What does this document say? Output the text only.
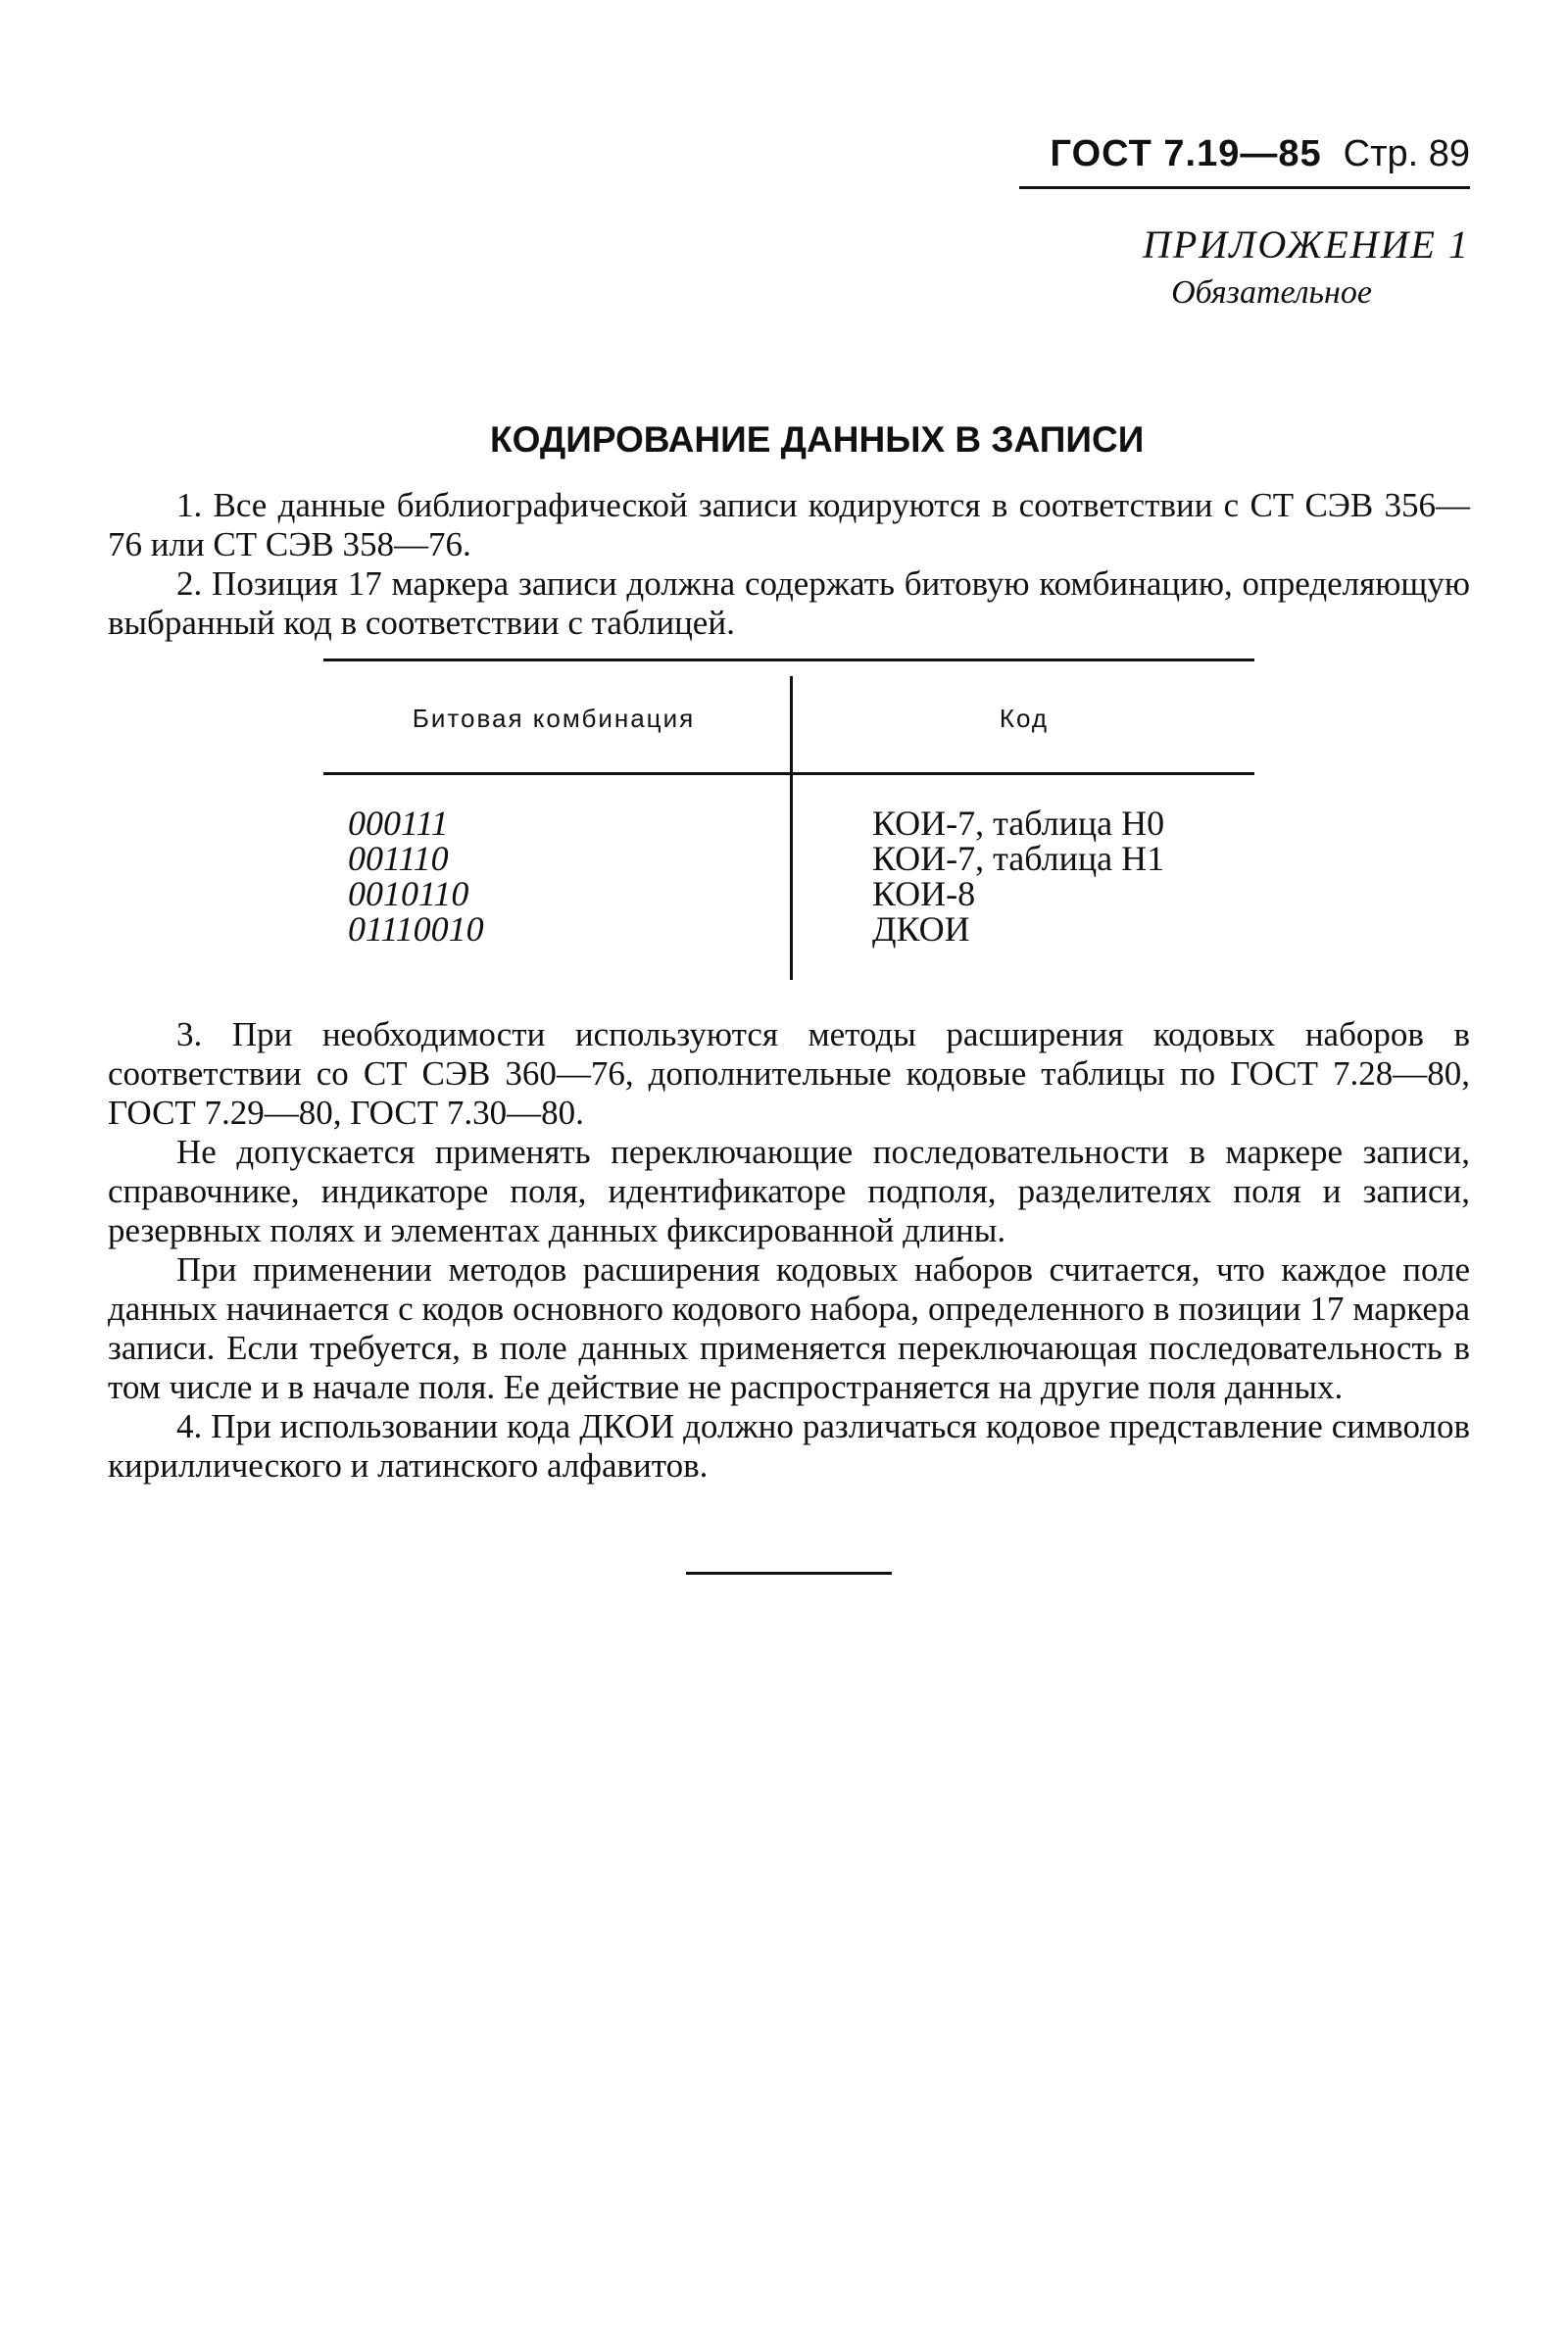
ГОСТ 7.19—85 Стр. 89
ПРИЛОЖЕНИЕ 1
Обязательное
КОДИРОВАНИЕ ДАННЫХ В ЗАПИСИ
1. Все данные библиографической записи кодируются в соответствии с СТ СЭВ 356—76 или СТ СЭВ 358—76.
2. Позиция 17 маркера записи должна содержать битовую комбинацию, определяющую выбранный код в соответствии с таблицей.
Битовая комбинация	Код
000111
001110
0010110
01110010
КОИ-7, таблица Н0
КОИ-7, таблица Н1
КОИ-8
ДКОИ
3. При необходимости используются методы расширения кодовых наборов в соответствии со СТ СЭВ 360—76, дополнительные кодовые таблицы по ГОСТ 7.28—80, ГОСТ 7.29—80, ГОСТ 7.30—80.
Не допускается применять переключающие последовательности в маркере записи, справочнике, индикаторе поля, идентификаторе подполя, разделителях поля и записи, резервных полях и элементах данных фиксированной длины.
При применении методов расширения кодовых наборов считается, что каждое поле данных начинается с кодов основного кодового набора, определенного в позиции 17 маркера записи. Если требуется, в поле данных применяется переключающая последовательность в том числе и в начале поля. Ее действие не распространяется на другие поля данных.
4. При использовании кода ДКОИ должно различаться кодовое представление символов кириллического и латинского алфавитов.
